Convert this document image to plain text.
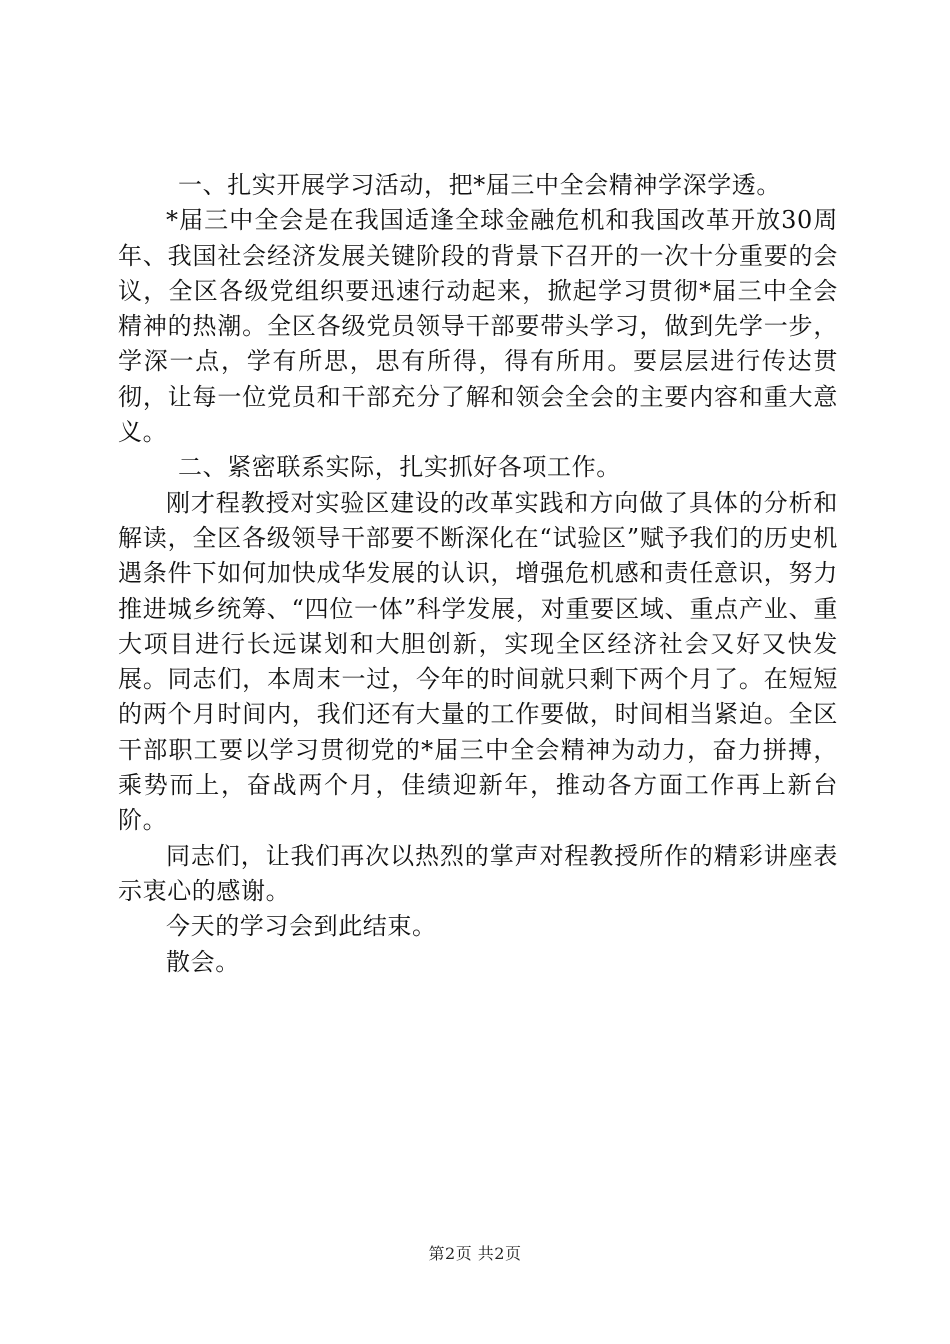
一、扎实开展学习活动，把*届三中全会精神学深学透。

*届三中全会是在我国适逢全球金融危机和我国改革开放30周年、我国社会经济发展关键阶段的背景下召开的一次十分重要的会议，全区各级党组织要迅速行动起来，掀起学习贯彻*届三中全会精神的热潮。全区各级党员领导干部要带头学习，做到先学一步，学深一点，学有所思，思有所得，得有所用。要层层进行传达贯彻，让每一位党员和干部充分了解和领会全会的主要内容和重大意义。

二、紧密联系实际，扎实抓好各项工作。

刚才程教授对实验区建设的改革实践和方向做了具体的分析和解读，全区各级领导干部要不断深化在“试验区”赋予我们的历史机遇条件下如何加快成华发展的认识，增强危机感和责任意识，努力推进城乡统筹、“四位一体”科学发展，对重要区域、重点产业、重大项目进行长远谋划和大胆创新，实现全区经济社会又好又快发展。同志们，本周末一过，今年的时间就只剩下两个月了。在短短的两个月时间内，我们还有大量的工作要做，时间相当紧迫。全区干部职工要以学习贯彻党的*届三中全会精神为动力，奋力拼搏，乘势而上，奋战两个月，佳绩迎新年，推动各方面工作再上新台阶。

同志们，让我们再次以热烈的掌声对程教授所作的精彩讲座表示衷心的感谢。

今天的学习会到此结束。

散会。

第2页 共2页
